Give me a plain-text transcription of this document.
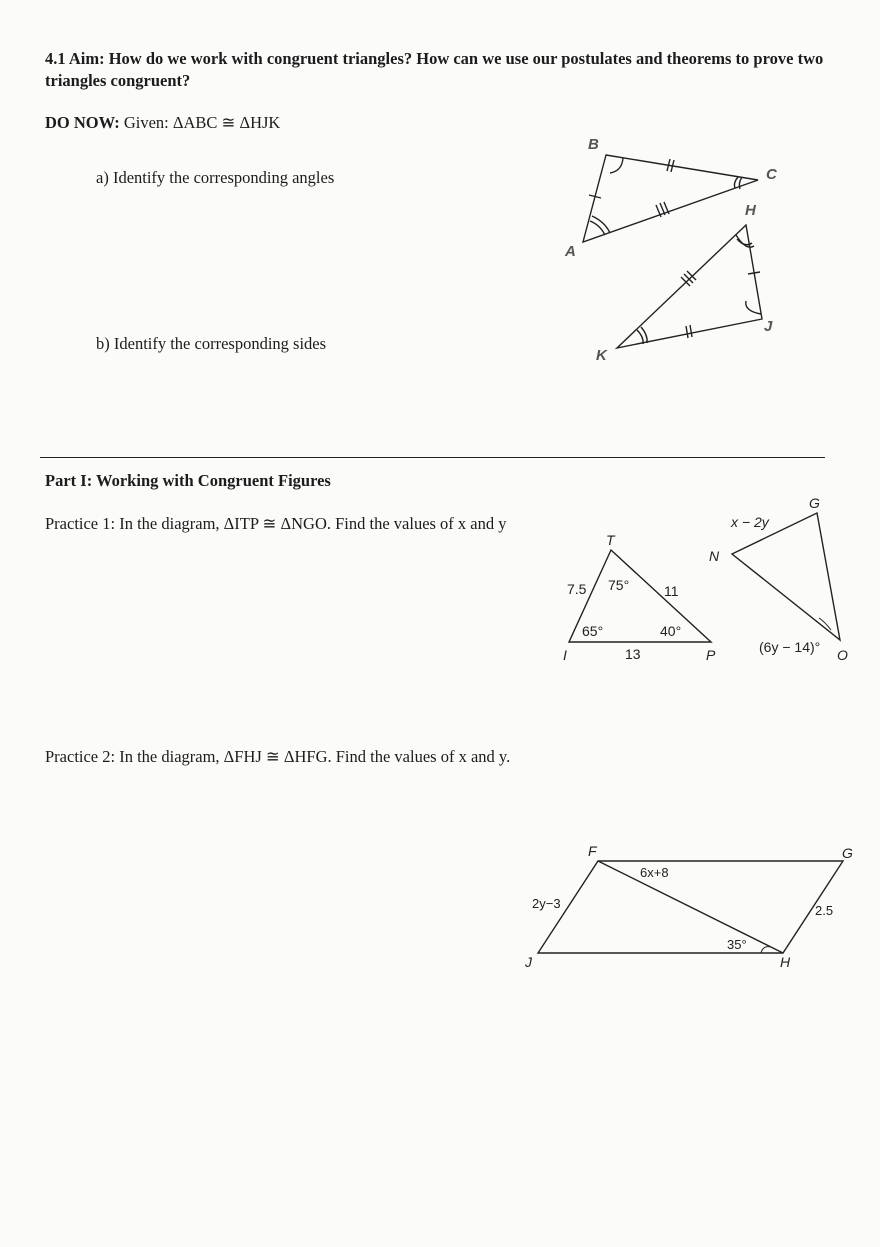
4.1 Aim: How do we work with congruent triangles? How can we use our postulates and theorems to prove two triangles congruent?
DO NOW: Given: ΔABC ≅ ΔHJK
a) Identify the corresponding angles
b) Identify the corresponding sides
B
C
A
H
J
K
Part I: Working with Congruent Figures
Practice 1: In the diagram, ΔITP ≅ ΔNGO. Find the values of x and y
T
I	P
N
G
O
7.5	11
13
75°
65°	40°
x − 2y
(6y − 14)°
Practice 2: In the diagram, ΔFHJ ≅ ΔHFG. Find the values of x and y.
F	G
J	H
6x+8
2y−3	2.5
35°
